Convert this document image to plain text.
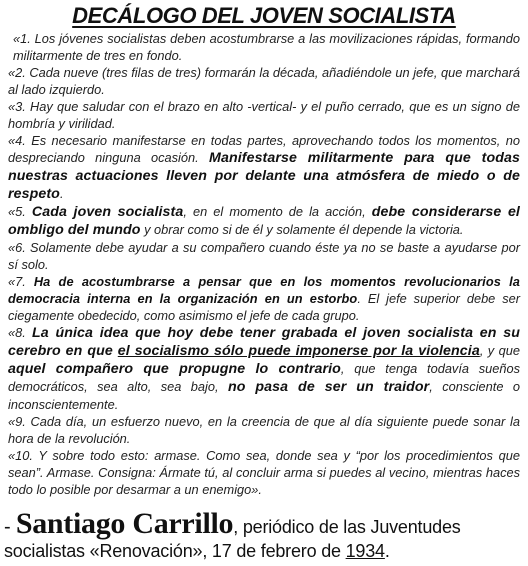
DECÁLOGO DEL JOVEN SOCIALISTA

«1. Los jóvenes socialistas deben acostumbrarse a las movilizaciones rápidas, formando militarmente de tres en fondo.

«2. Cada nueve (tres filas de tres) formarán la década, añadiéndole un jefe, que marchará al lado izquierdo.

«3. Hay que saludar con el brazo en alto -vertical- y el puño cerrado, que es un signo de hombría y virilidad.

«4. Es necesario manifestarse en todas partes, aprovechando todos los momentos, no despreciando ninguna ocasión. Manifestarse militarmente para que todas nuestras actuaciones lleven por delante una atmósfera de miedo o de respeto.

«5. Cada joven socialista, en el momento de la acción, debe considerarse el ombligo del mundo y obrar como si de él y solamente él depende la victoria.

«6. Solamente debe ayudar a su compañero cuando éste ya no se baste a ayudarse por sí solo.

«7. Ha de acostumbrarse a pensar que en los momentos revolucionarios la democracia interna en la organización en un estorbo. El jefe superior debe ser ciegamente obedecido, como asimismo el jefe de cada grupo.

«8. La única idea que hoy debe tener grabada el joven socialista en su cerebro en que el socialismo sólo puede imponerse por la violencia, y que aquel compañero que propugne lo contrario, que tenga todavía sueños democráticos, sea alto, sea bajo, no pasa de ser un traidor, consciente o inconscientemente.

«9. Cada día, un esfuerzo nuevo, en la creencia de que al día siguiente puede sonar la hora de la revolución.

«10. Y sobre todo esto: armase. Como sea, donde sea y “por los procedimientos que sean”. Armase. Consigna: Ármate tú, al concluir arma si puedes al vecino, mientras haces todo lo posible por desarmar a un enemigo».

- Santiago Carrillo, periódico de las Juventudes socialistas «Renovación», 17 de febrero de 1934.
